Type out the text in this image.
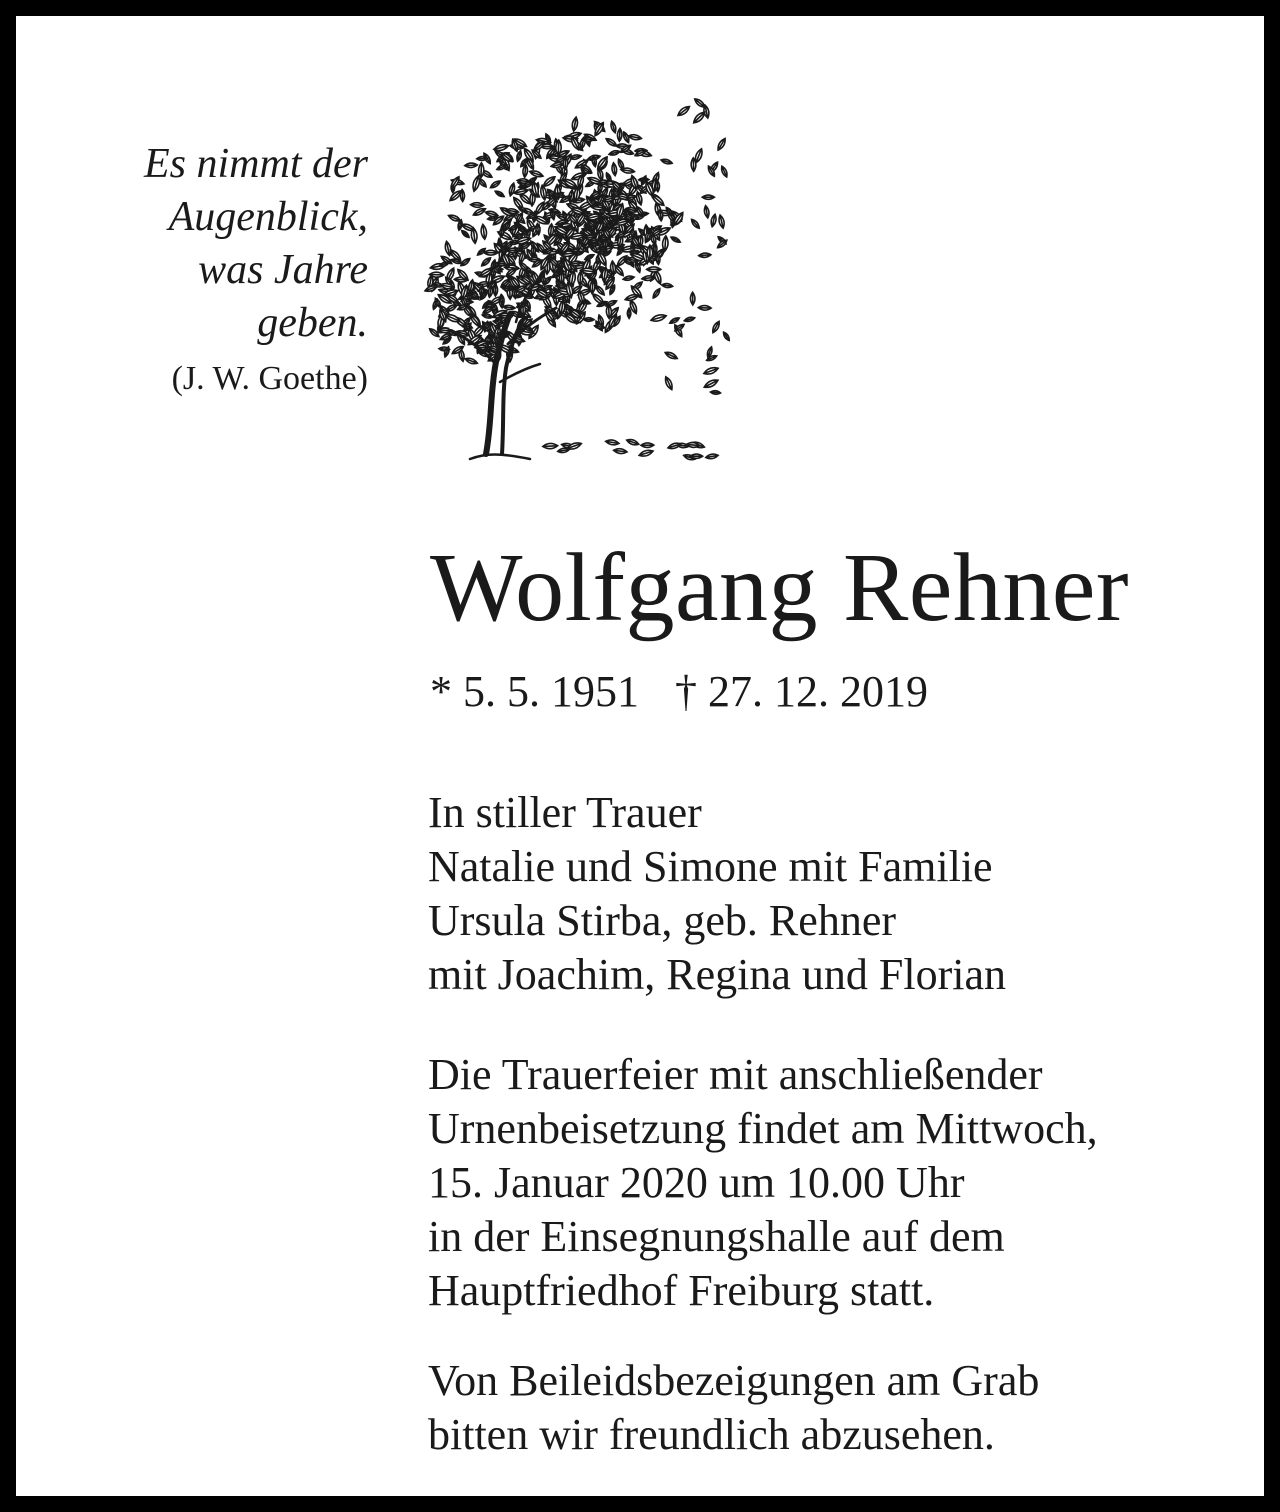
Es nimmt der
Augenblick,
was Jahre
geben.
(J. W. Goethe)
Wolfgang Rehner
* 5. 5. 1951 † 27. 12. 2019
In stiller Trauer
Natalie und Simone mit Familie
Ursula Stirba, geb. Rehner
mit Joachim, Regina und Florian
Die Trauerfeier mit anschließender
Urnenbeisetzung findet am Mittwoch,
15. Januar 2020 um 10.00 Uhr
in der Einsegnungshalle auf dem
Hauptfriedhof Freiburg statt.
Von Beileidsbezeigungen am Grab
bitten wir freundlich abzusehen.
